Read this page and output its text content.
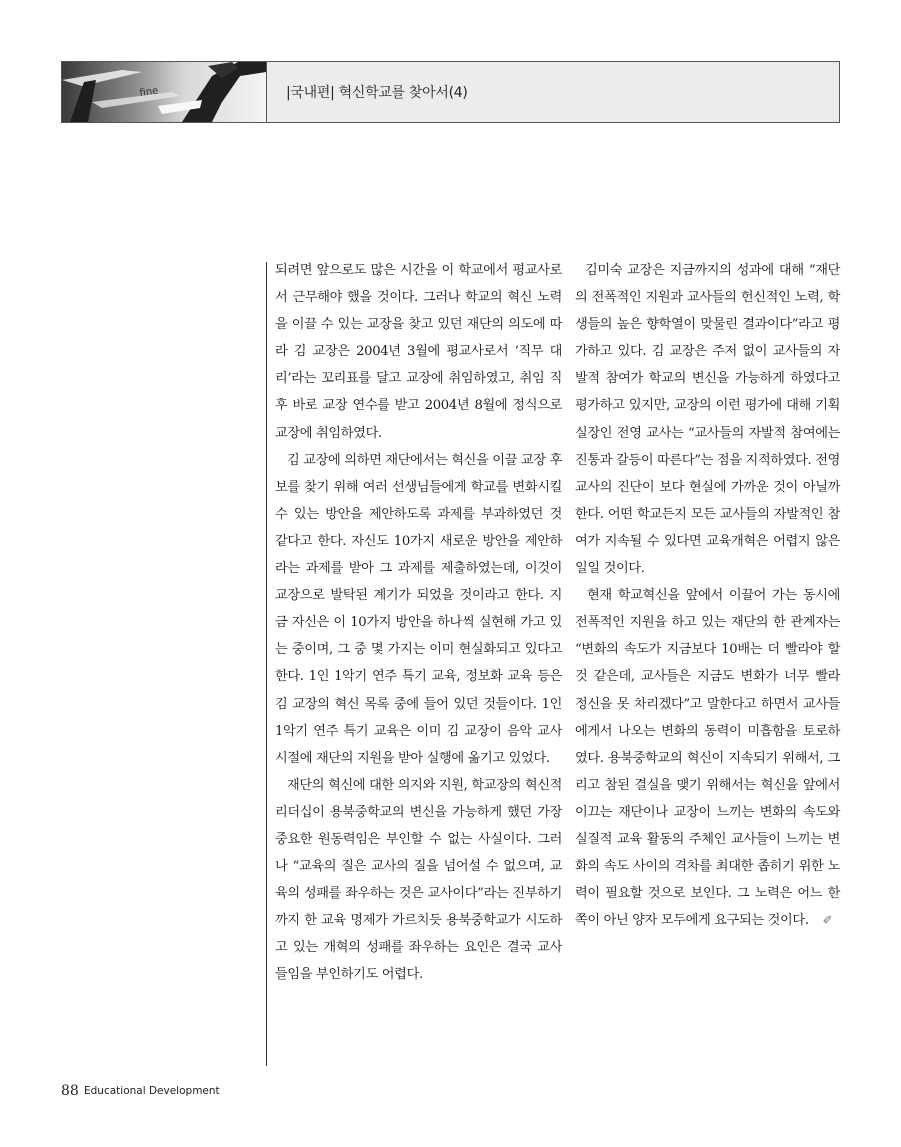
fine	|국내편| 혁신학교를 찾아서(4)

되려면 앞으로도 많은 시간을 이 학교에서 평교사로서 근무해야 했을 것이다. 그러나 학교의 혁신 노력을 이끌 수 있는 교장을 찾고 있던 재단의 의도에 따라 김 교장은 2004년 3월에 평교사로서 ‘직무 대리’라는 꼬리표를 달고 교장에 취임하였고, 취임 직후 바로 교장 연수를 받고 2004년 8월에 정식으로 교장에 취임하였다.

김 교장에 의하면 재단에서는 혁신을 이끌 교장 후보를 찾기 위해 여러 선생님들에게 학교를 변화시킬 수 있는 방안을 제안하도록 과제를 부과하였던 것 같다고 한다. 자신도 10가지 새로운 방안을 제안하라는 과제를 받아 그 과제를 제출하였는데, 이것이 교장으로 발탁된 계기가 되었을 것이라고 한다. 지금 자신은 이 10가지 방안을 하나씩 실현해 가고 있는 중이며, 그 중 몇 가지는 이미 현실화되고 있다고 한다. 1인 1악기 연주 특기 교육, 정보화 교육 등은 김 교장의 혁신 목록 중에 들어 있던 것들이다. 1인 1악기 연주 특기 교육은 이미 김 교장이 음악 교사 시절에 재단의 지원을 받아 실행에 옮기고 있었다.

재단의 혁신에 대한 의지와 지원, 학교장의 혁신적 리더십이 용북중학교의 변신을 가능하게 했던 가장 중요한 원동력임은 부인할 수 없는 사실이다. 그러나 “교육의 질은 교사의 질을 넘어설 수 없으며, 교육의 성패를 좌우하는 것은 교사이다”라는 진부하기까지 한 교육 명제가 가르치듯 용북중학교가 시도하고 있는 개혁의 성패를 좌우하는 요인은 결국 교사들임을 부인하기도 어렵다.

김미숙 교장은 지금까지의 성과에 대해 “재단의 전폭적인 지원과 교사들의 헌신적인 노력, 학생들의 높은 향학열이 맞물린 결과이다”라고 평가하고 있다. 김 교장은 주저 없이 교사들의 자발적 참여가 학교의 변신을 가능하게 하였다고 평가하고 있지만, 교장의 이런 평가에 대해 기획실장인 전영 교사는 “교사들의 자발적 참여에는 진통과 갈등이 따른다”는 점을 지적하였다. 전영 교사의 진단이 보다 현실에 가까운 것이 아닐까 한다. 어떤 학교든지 모든 교사들의 자발적인 참여가 지속될 수 있다면 교육개혁은 어렵지 않은 일일 것이다.

현재 학교혁신을 앞에서 이끌어 가는 동시에 전폭적인 지원을 하고 있는 재단의 한 관계자는 “변화의 속도가 지금보다 10배는 더 빨라야 할 것 같은데, 교사들은 지금도 변화가 너무 빨라 정신을 못 차리겠다”고 말한다고 하면서 교사들에게서 나오는 변화의 동력이 미흡함을 토로하였다. 용북중학교의 혁신이 지속되기 위해서, 그리고 참된 결실을 맺기 위해서는 혁신을 앞에서 이끄는 재단이나 교장이 느끼는 변화의 속도와 실질적 교육 활동의 주체인 교사들이 느끼는 변화의 속도 사이의 격차를 최대한 좁히기 위한 노력이 필요할 것으로 보인다. 그 노력은 어느 한 쪽이 아닌 양자 모두에게 요구되는 것이다. ✐

88 Educational Development
